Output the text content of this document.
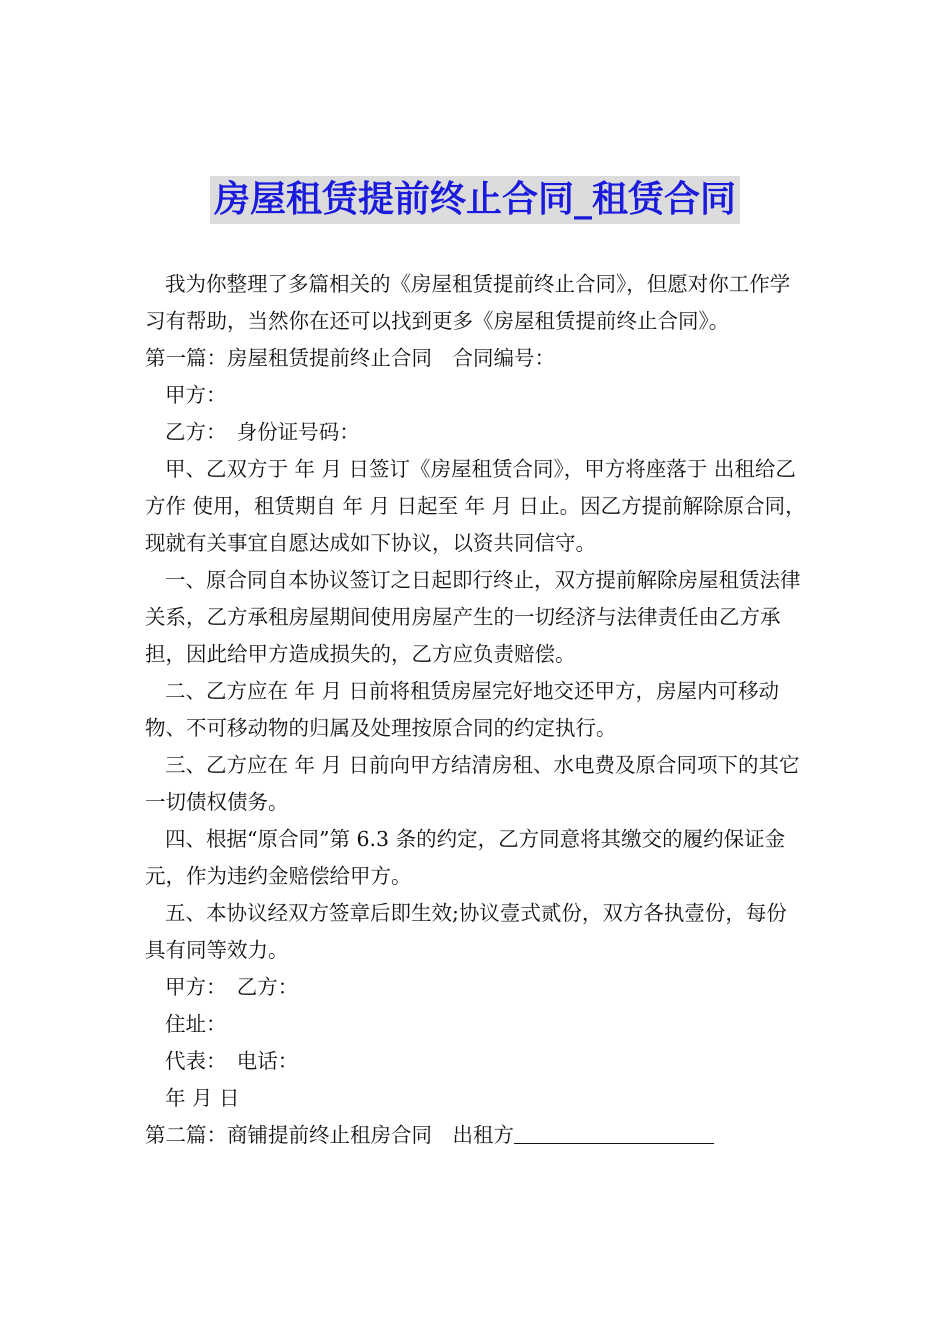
房屋租赁提前终止合同_租赁合同

我为你整理了多篇相关的《房屋租赁提前终止合同》，但愿对你工作学习有帮助，当然你在还可以找到更多《房屋租赁提前终止合同》。

第一篇：房屋租赁提前终止合同　合同编号：

甲方：

乙方：　身份证号码：

甲、乙双方于 年 月 日签订《房屋租赁合同》，甲方将座落于 出租给乙方作 使用，租赁期自 年 月 日起至 年 月 日止。因乙方提前解除原合同，现就有关事宜自愿达成如下协议，以资共同信守。

一、原合同自本协议签订之日起即行终止，双方提前解除房屋租赁法律关系，乙方承租房屋期间使用房屋产生的一切经济与法律责任由乙方承担，因此给甲方造成损失的，乙方应负责赔偿。

二、乙方应在 年 月 日前将租赁房屋完好地交还甲方，房屋内可移动物、不可移动物的归属及处理按原合同的约定执行。

三、乙方应在 年 月 日前向甲方结清房租、水电费及原合同项下的其它一切债权债务。

四、根据“原合同”第 6.3 条的约定，乙方同意将其缴交的履约保证金 元，作为违约金赔偿给甲方。

五、本协议经双方签章后即生效;协议壹式贰份，双方各执壹份，每份具有同等效力。

甲方：　乙方：

住址：

代表：　电话：

年 月 日

第二篇：商铺提前终止租房合同　出租方
